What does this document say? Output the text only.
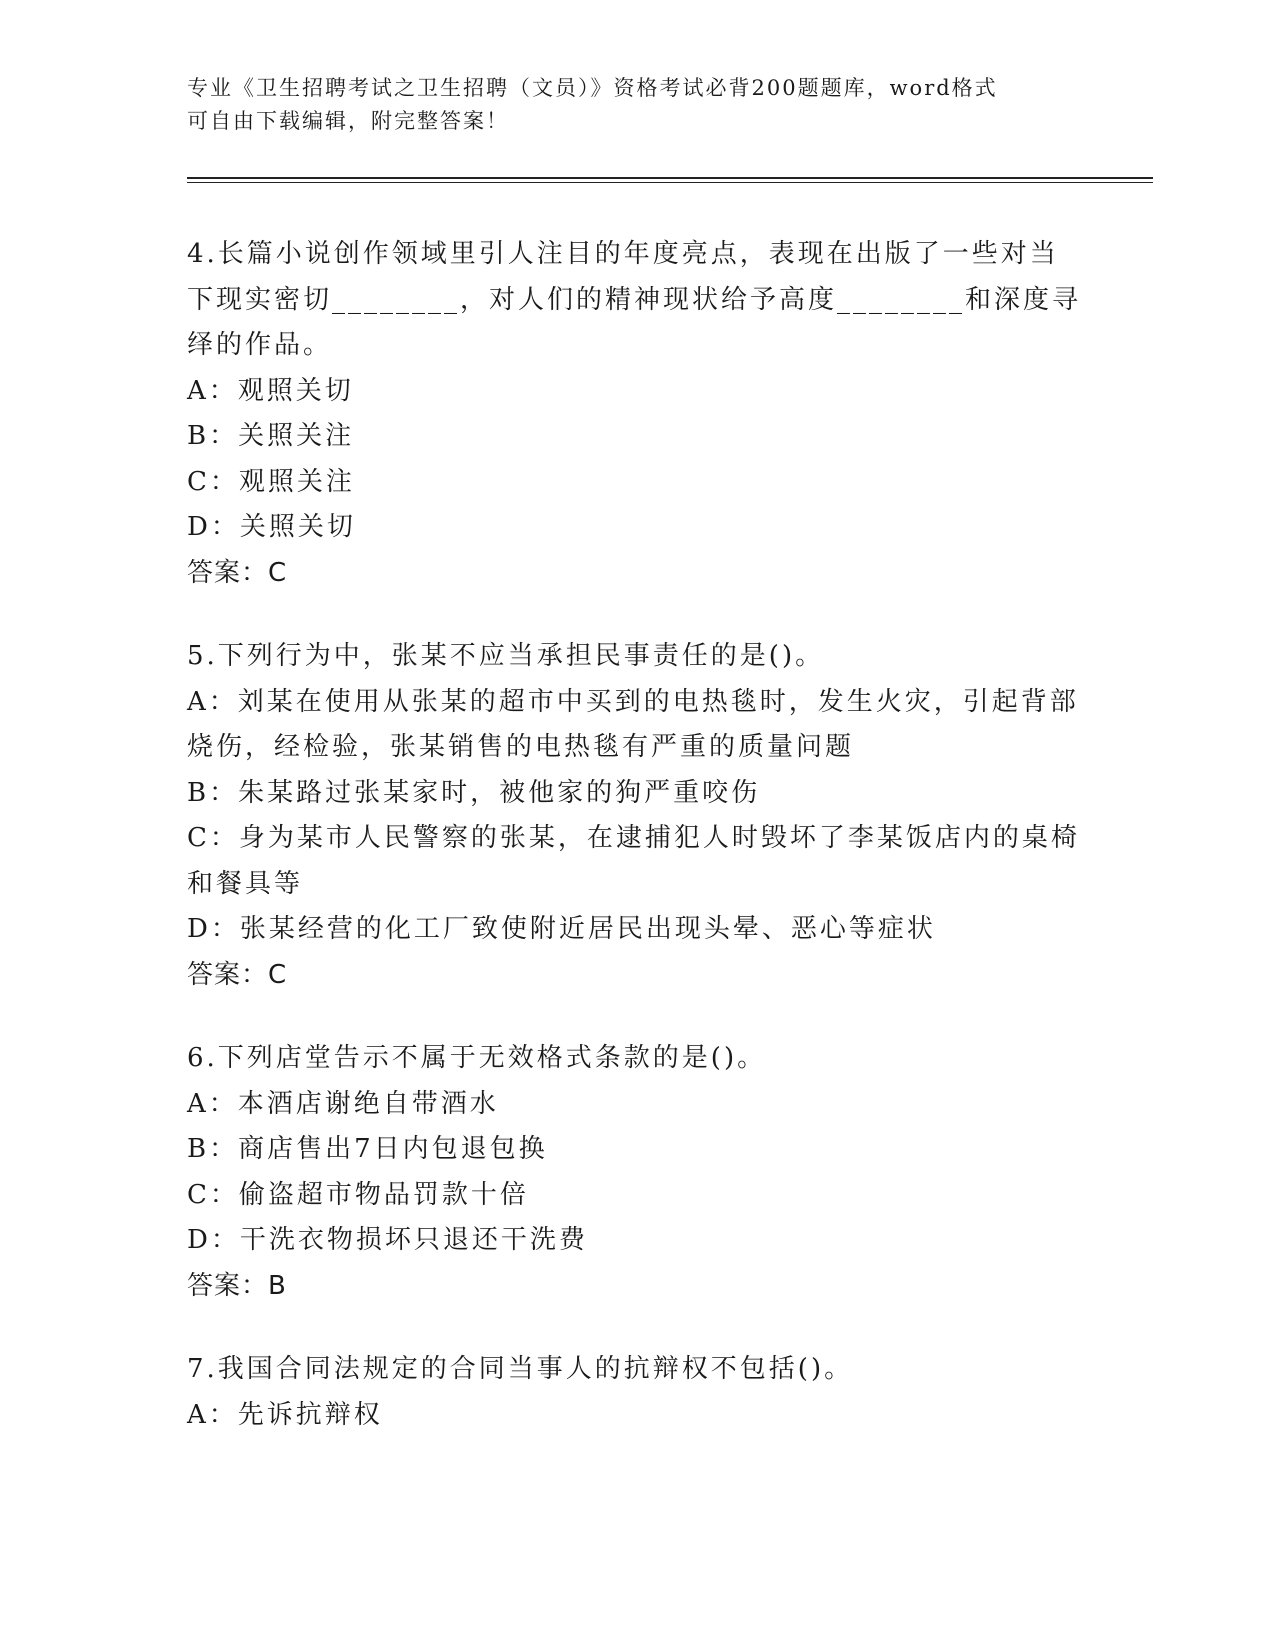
专业《卫生招聘考试之卫生招聘（文员）》资格考试必背200题题库，word格式
可自由下载编辑，附完整答案！

4.长篇小说创作领域里引人注目的年度亮点，表现在出版了一些对当下现实密切________，对人们的精神现状给予高度________和深度寻绎的作品。

A：观照关切

B：关照关注

C：观照关注

D：关照关切

答案：C

5.下列行为中，张某不应当承担民事责任的是()。

A：刘某在使用从张某的超市中买到的电热毯时，发生火灾，引起背部烧伤，经检验，张某销售的电热毯有严重的质量问题

B：朱某路过张某家时，被他家的狗严重咬伤

C：身为某市人民警察的张某，在逮捕犯人时毁坏了李某饭店内的桌椅和餐具等

D：张某经营的化工厂致使附近居民出现头晕、恶心等症状

答案：C

6.下列店堂告示不属于无效格式条款的是()。

A：本酒店谢绝自带酒水

B：商店售出7日内包退包换

C：偷盗超市物品罚款十倍

D：干洗衣物损坏只退还干洗费

答案：B

7.我国合同法规定的合同当事人的抗辩权不包括()。

A：先诉抗辩权
